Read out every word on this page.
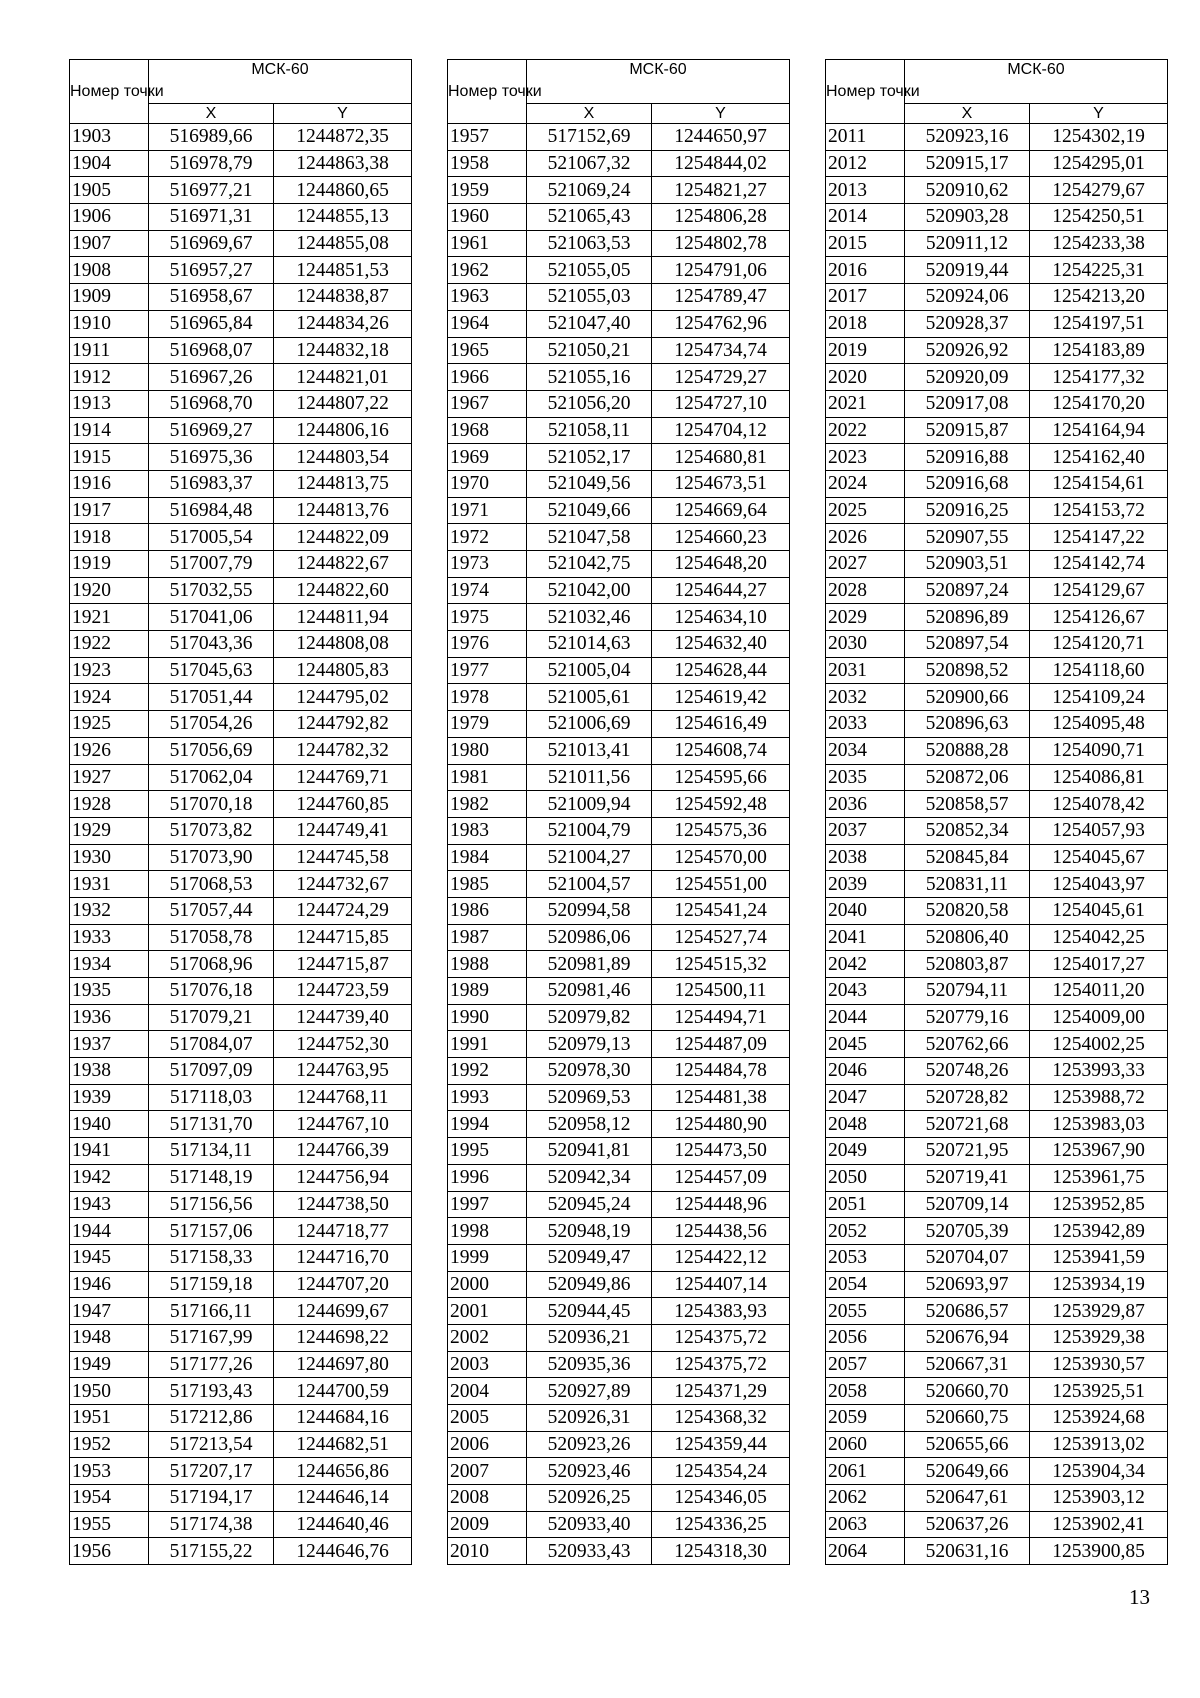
Номер точки	МСК-60	
	X	Y
1903	516989,66	1244872,35
1904	516978,79	1244863,38
1905	516977,21	1244860,65
1906	516971,31	1244855,13
1907	516969,67	1244855,08
1908	516957,27	1244851,53
1909	516958,67	1244838,87
1910	516965,84	1244834,26
1911	516968,07	1244832,18
1912	516967,26	1244821,01
1913	516968,70	1244807,22
1914	516969,27	1244806,16
1915	516975,36	1244803,54
1916	516983,37	1244813,75
1917	516984,48	1244813,76
1918	517005,54	1244822,09
1919	517007,79	1244822,67
1920	517032,55	1244822,60
1921	517041,06	1244811,94
1922	517043,36	1244808,08
1923	517045,63	1244805,83
1924	517051,44	1244795,02
1925	517054,26	1244792,82
1926	517056,69	1244782,32
1927	517062,04	1244769,71
1928	517070,18	1244760,85
1929	517073,82	1244749,41
1930	517073,90	1244745,58
1931	517068,53	1244732,67
1932	517057,44	1244724,29
1933	517058,78	1244715,85
1934	517068,96	1244715,87
1935	517076,18	1244723,59
1936	517079,21	1244739,40
1937	517084,07	1244752,30
1938	517097,09	1244763,95
1939	517118,03	1244768,11
1940	517131,70	1244767,10
1941	517134,11	1244766,39
1942	517148,19	1244756,94
1943	517156,56	1244738,50
1944	517157,06	1244718,77
1945	517158,33	1244716,70
1946	517159,18	1244707,20
1947	517166,11	1244699,67
1948	517167,99	1244698,22
1949	517177,26	1244697,80
1950	517193,43	1244700,59
1951	517212,86	1244684,16
1952	517213,54	1244682,51
1953	517207,17	1244656,86
1954	517194,17	1244646,14
1955	517174,38	1244640,46
1956	517155,22	1244646,76
Номер точки	МСК-60	
	X	Y
1957	517152,69	1244650,97
1958	521067,32	1254844,02
1959	521069,24	1254821,27
1960	521065,43	1254806,28
1961	521063,53	1254802,78
1962	521055,05	1254791,06
1963	521055,03	1254789,47
1964	521047,40	1254762,96
1965	521050,21	1254734,74
1966	521055,16	1254729,27
1967	521056,20	1254727,10
1968	521058,11	1254704,12
1969	521052,17	1254680,81
1970	521049,56	1254673,51
1971	521049,66	1254669,64
1972	521047,58	1254660,23
1973	521042,75	1254648,20
1974	521042,00	1254644,27
1975	521032,46	1254634,10
1976	521014,63	1254632,40
1977	521005,04	1254628,44
1978	521005,61	1254619,42
1979	521006,69	1254616,49
1980	521013,41	1254608,74
1981	521011,56	1254595,66
1982	521009,94	1254592,48
1983	521004,79	1254575,36
1984	521004,27	1254570,00
1985	521004,57	1254551,00
1986	520994,58	1254541,24
1987	520986,06	1254527,74
1988	520981,89	1254515,32
1989	520981,46	1254500,11
1990	520979,82	1254494,71
1991	520979,13	1254487,09
1992	520978,30	1254484,78
1993	520969,53	1254481,38
1994	520958,12	1254480,90
1995	520941,81	1254473,50
1996	520942,34	1254457,09
1997	520945,24	1254448,96
1998	520948,19	1254438,56
1999	520949,47	1254422,12
2000	520949,86	1254407,14
2001	520944,45	1254383,93
2002	520936,21	1254375,72
2003	520935,36	1254375,72
2004	520927,89	1254371,29
2005	520926,31	1254368,32
2006	520923,26	1254359,44
2007	520923,46	1254354,24
2008	520926,25	1254346,05
2009	520933,40	1254336,25
2010	520933,43	1254318,30
Номер точки	МСК-60	
	X	Y
2011	520923,16	1254302,19
2012	520915,17	1254295,01
2013	520910,62	1254279,67
2014	520903,28	1254250,51
2015	520911,12	1254233,38
2016	520919,44	1254225,31
2017	520924,06	1254213,20
2018	520928,37	1254197,51
2019	520926,92	1254183,89
2020	520920,09	1254177,32
2021	520917,08	1254170,20
2022	520915,87	1254164,94
2023	520916,88	1254162,40
2024	520916,68	1254154,61
2025	520916,25	1254153,72
2026	520907,55	1254147,22
2027	520903,51	1254142,74
2028	520897,24	1254129,67
2029	520896,89	1254126,67
2030	520897,54	1254120,71
2031	520898,52	1254118,60
2032	520900,66	1254109,24
2033	520896,63	1254095,48
2034	520888,28	1254090,71
2035	520872,06	1254086,81
2036	520858,57	1254078,42
2037	520852,34	1254057,93
2038	520845,84	1254045,67
2039	520831,11	1254043,97
2040	520820,58	1254045,61
2041	520806,40	1254042,25
2042	520803,87	1254017,27
2043	520794,11	1254011,20
2044	520779,16	1254009,00
2045	520762,66	1254002,25
2046	520748,26	1253993,33
2047	520728,82	1253988,72
2048	520721,68	1253983,03
2049	520721,95	1253967,90
2050	520719,41	1253961,75
2051	520709,14	1253952,85
2052	520705,39	1253942,89
2053	520704,07	1253941,59
2054	520693,97	1253934,19
2055	520686,57	1253929,87
2056	520676,94	1253929,38
2057	520667,31	1253930,57
2058	520660,70	1253925,51
2059	520660,75	1253924,68
2060	520655,66	1253913,02
2061	520649,66	1253904,34
2062	520647,61	1253903,12
2063	520637,26	1253902,41
2064	520631,16	1253900,85
13
